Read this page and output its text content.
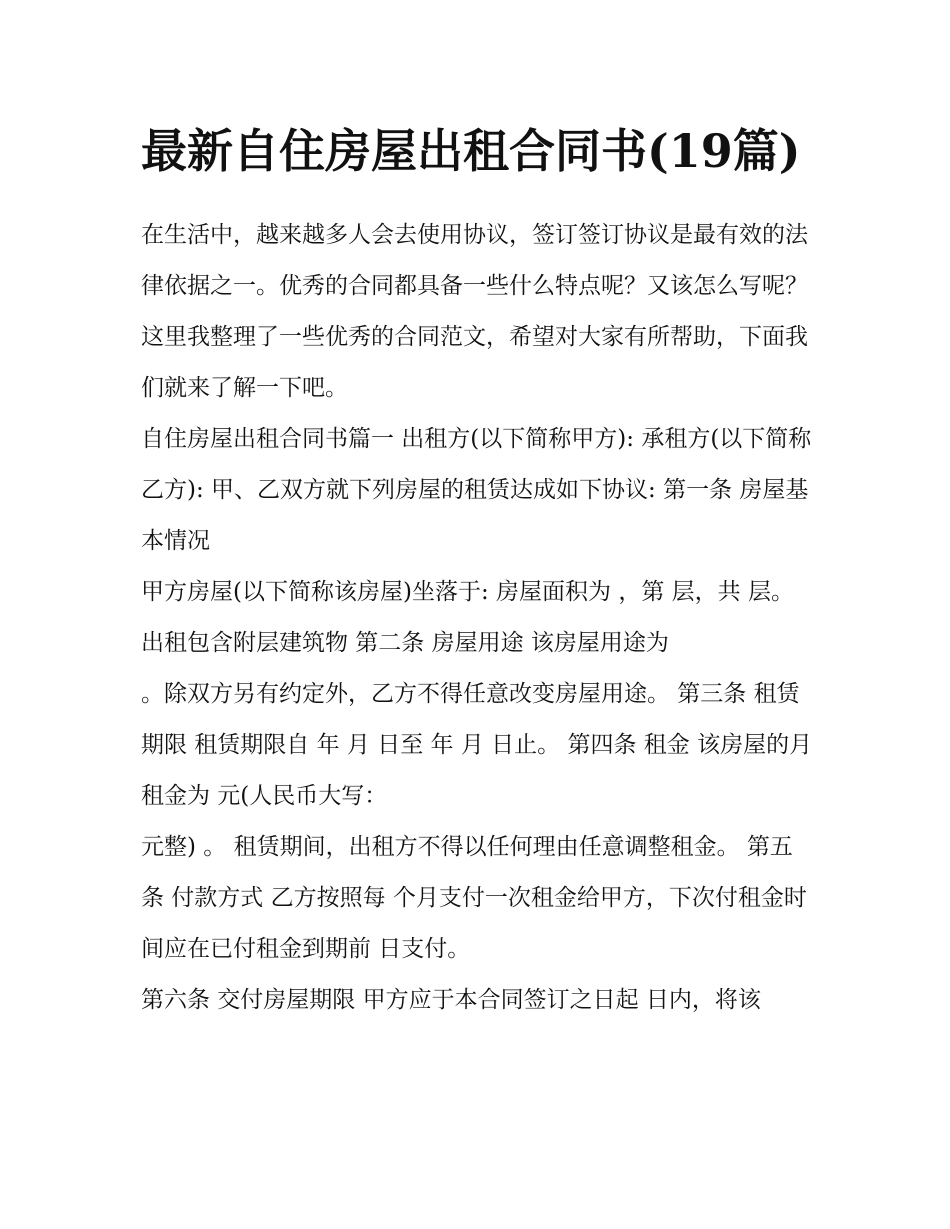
最新自住房屋出租合同书(19篇)

在生活中，越来越多人会去使用协议，签订签订协议是最有效的法律依据之一。优秀的合同都具备一些什么特点呢？又该怎么写呢？这里我整理了一些优秀的合同范文，希望对大家有所帮助，下面我们就来了解一下吧。

自住房屋出租合同书篇一 出租方(以下简称甲方): 承租方(以下简称乙方): 甲、乙双方就下列房屋的租赁达成如下协议: 第一条 房屋基本情况

甲方房屋(以下简称该房屋)坐落于: 房屋面积为 ，第 层，共 层。出租包含附层建筑物 第二条 房屋用途 该房屋用途为

。除双方另有约定外，乙方不得任意改变房屋用途。 第三条 租赁期限 租赁期限自 年 月 日至 年 月 日止。 第四条 租金 该房屋的月租金为 元(人民币大写：

元整) 。 租赁期间，出租方不得以任何理由任意调整租金。 第五条 付款方式 乙方按照每 个月支付一次租金给甲方，下次付租金时间应在已付租金到期前 日支付。

第六条 交付房屋期限 甲方应于本合同签订之日起 日内，将该
